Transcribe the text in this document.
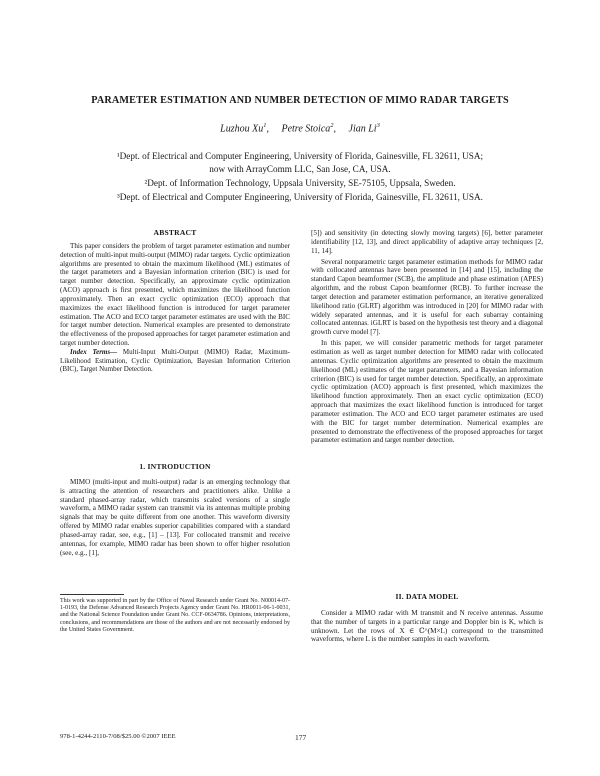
PARAMETER ESTIMATION AND NUMBER DETECTION OF MIMO RADAR TARGETS
Luzhou Xu$^1$,     Petre Stoica$^2$,     Jian Li$^3$
¹Dept. of Electrical and Computer Engineering, University of Florida, Gainesville, FL 32611, USA;
now with ArrayComm LLC, San Jose, CA, USA.
²Dept. of Information Technology, Uppsala University, SE-75105, Uppsala, Sweden.
³Dept. of Electrical and Computer Engineering, University of Florida, Gainesville, FL 32611, USA.
ABSTRACT

This paper considers the problem of target parameter estimation and number detection of multi-input multi-output (MIMO) radar targets. Cyclic optimization algorithms are presented to obtain the maximum likelihood (ML) estimates of the target parameters and a Bayesian information criterion (BIC) is used for target number detection. Specifically, an approximate cyclic optimization (ACO) approach is first presented, which maximizes the likelihood function approximately. Then an exact cyclic optimization (ECO) approach that maximizes the exact likelihood function is introduced for target parameter estimation. The ACO and ECO target parameter estimates are used with the BIC for target number detection. Numerical examples are presented to demonstrate the effectiveness of the proposed approaches for target parameter estimation and target number detection.

Index Terms— Multi-Input Multi-Output (MIMO) Radar, Maximum-Likelihood Estimation, Cyclic Optimization, Bayesian Information Criterion (BIC), Target Number Detection.

1. INTRODUCTION

MIMO (multi-input and multi-output) radar is an emerging technology that is attracting the attention of researchers and practitioners alike. Unlike a standard phased-array radar, which transmits scaled versions of a single waveform, a MIMO radar system can transmit via its antennas multiple probing signals that may be quite different from one another. This waveform diversity offered by MIMO radar enables superior capabilities compared with a standard phased-array radar, see, e.g., [1] – [13]. For collocated transmit and receive antennas, for example, MIMO radar has been shown to offer higher resolution (see, e.g., [1],

This work was supported in part by the Office of Naval Research under Grant No. N00014-07-1-0193, the Defense Advanced Research Projects Agency under Grant No. HR0011-06-1-0031, and the National Science Foundation under Grant No. CCF-0634786. Opinions, interpretations, conclusions, and recommendations are those of the authors and are not necessarily endorsed by the United States Government.

[5]) and sensitivity (in detecting slowly moving targets) [6], better parameter identifiability [12, 13], and direct applicability of adaptive array techniques [2, 11, 14].

Several nonparametric target parameter estimation methods for MIMO radar with collocated antennas have been presented in [14] and [15], including the standard Capon beamformer (SCB), the amplitude and phase estimation (APES) algorithm, and the robust Capon beamformer (RCB). To further increase the target detection and parameter estimation performance, an iterative generalized likelihood ratio (GLRT) algorithm was introduced in [20] for MIMO radar with widely separated antennas, and it is useful for each subarray containing collocated antennas. iGLRT is based on the hypothesis test theory and a diagonal growth curve model [7].

In this paper, we will consider parametric methods for target parameter estimation as well as target number detection for MIMO radar with collocated antennas. Cyclic optimization algorithms are presented to obtain the maximum likelihood (ML) estimates of the target parameters, and a Bayesian information criterion (BIC) is used for target number detection. Specifically, an approximate cyclic optimization (ACO) approach is first presented, which maximizes the likelihood function approximately. Then an exact cyclic optimization (ECO) approach that maximizes the exact likelihood function is introduced for target parameter estimation. The ACO and ECO target parameter estimates are used with the BIC for target number determination. Numerical examples are presented to demonstrate the effectiveness of the proposed approaches for target parameter estimation and target number detection.

II. DATA MODEL

Consider a MIMO radar with M transmit and N receive antennas. Assume that the number of targets in a particular range and Doppler bin is K, which is unknown. Let the rows of X ∈ ℂ^(M×L) correspond to the transmitted waveforms, where L is the number samples in each waveform.

978-1-4244-2110-7/08/$25.00 ©2007 IEEE	177
